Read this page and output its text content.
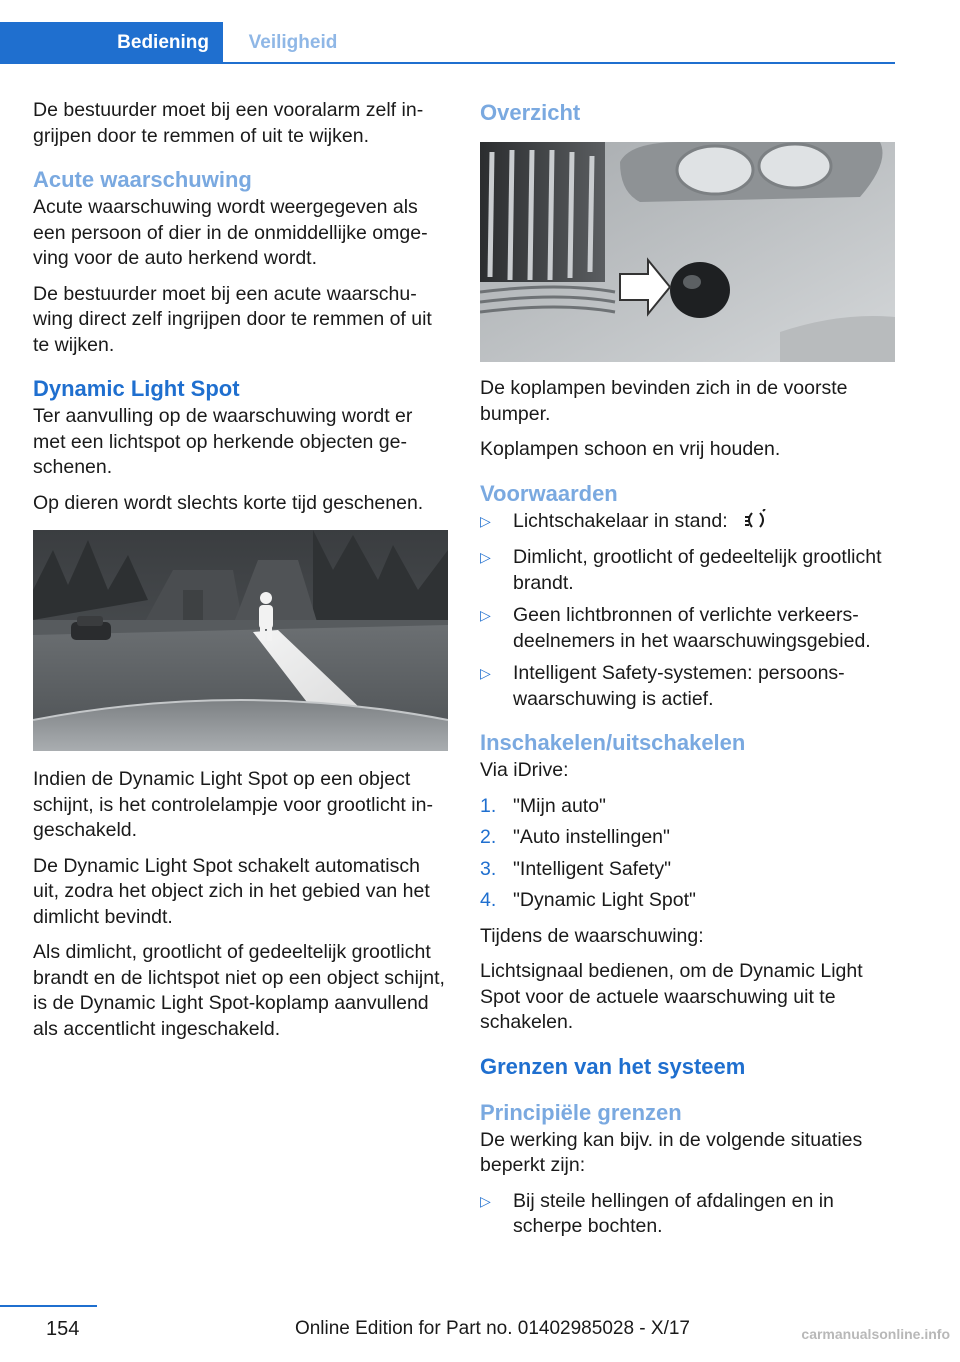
Bediening	Veiligheid

De bestuurder moet bij een vooralarm zelf ingrijpen door te remmen of uit te wijken.

Acute waarschuwing

Acute waarschuwing wordt weergegeven als een persoon of dier in de onmiddellijke omgeving voor de auto herkend wordt.

De bestuurder moet bij een acute waarschuwing direct zelf ingrijpen door te remmen of uit te wijken.

Dynamic Light Spot

Ter aanvulling op de waarschuwing wordt er met een lichtspot op herkende objecten geschenen.

Op dieren wordt slechts korte tijd geschenen.

Indien de Dynamic Light Spot op een object schijnt, is het controlelampje voor grootlicht ingeschakeld.

De Dynamic Light Spot schakelt automatisch uit, zodra het object zich in het gebied van het dimlicht bevindt.

Als dimlicht, grootlicht of gedeeltelijk grootlicht brandt en de lichtspot niet op een object schijnt, is de Dynamic Light Spot-koplamp aanvullend als accentlicht ingeschakeld.

Overzicht

De koplampen bevinden zich in de voorste bumper.

Koplampen schoon en vrij houden.

Voorwaarden
▷ Lichtschakelaar in stand:
▷ Dimlicht, grootlicht of gedeeltelijk grootlicht brandt.
▷ Geen lichtbronnen of verlichte verkeersdeelnemers in het waarschuwingsgebied.
▷ Intelligent Safety-systemen: persoonswaarschuwing is actief.
Inschakelen/uitschakelen

Via iDrive:

1. "Mijn auto"
2. "Auto instellingen"
3. "Intelligent Safety"
4. "Dynamic Light Spot"

Tijdens de waarschuwing:

Lichtsignaal bedienen, om de Dynamic Light Spot voor de actuele waarschuwing uit te schakelen.

Grenzen van het systeem
Principiële grenzen

De werking kan bijv. in de volgende situaties beperkt zijn:

▷ Bij steile hellingen of afdalingen en in scherpe bochten.
154	Online Edition for Part no. 01402985028 - X/17	carmanualsonline.info
